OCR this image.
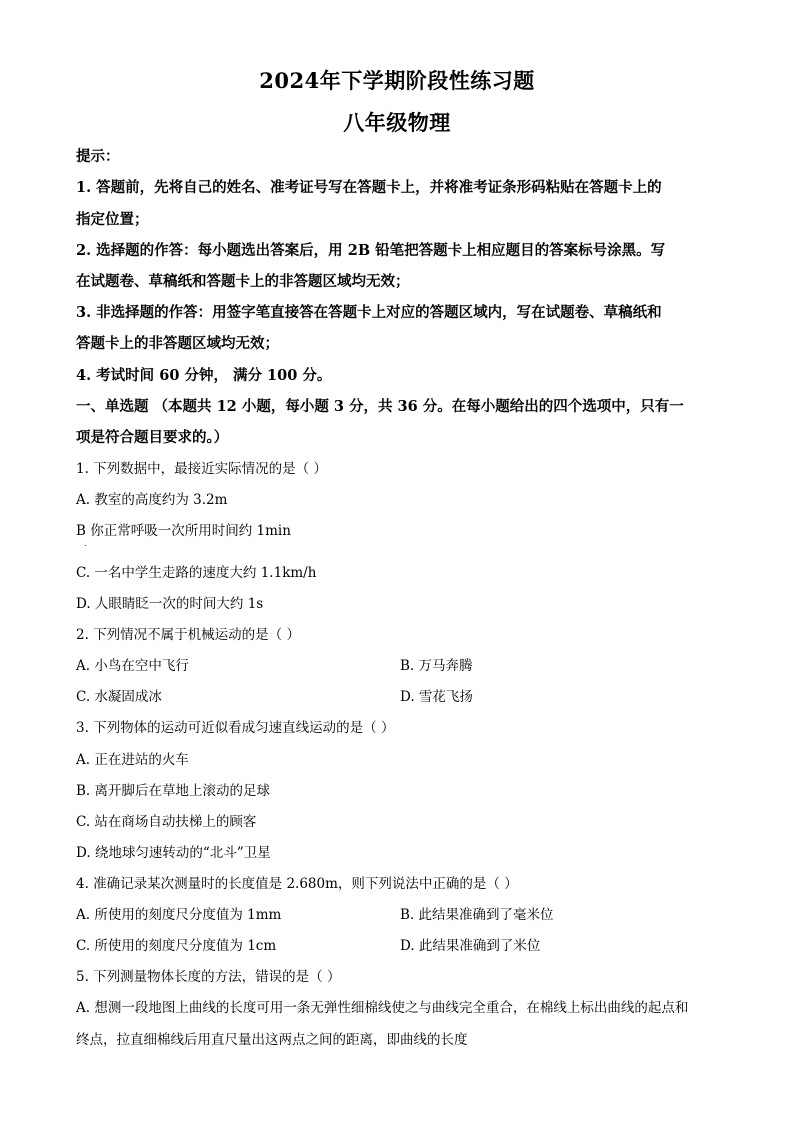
2024年下学期阶段性练习题
八年级物理
提示：
1. 答题前，先将自己的姓名、准考证号写在答题卡上，并将准考证条形码粘贴在答题卡上的
指定位置；
2. 选择题的作答：每小题选出答案后，用 2B 铅笔把答题卡上相应题目的答案标号涂黑。写
在试题卷、草稿纸和答题卡上的非答题区域均无效；
3. 非选择题的作答：用签字笔直接答在答题卡上对应的答题区域内，写在试题卷、草稿纸和
答题卡上的非答题区域均无效；
4. 考试时间 60 分钟， 满分 100 分。
一、单选题 （本题共 12 小题，每小题 3 分，共 36 分。在每小题给出的四个选项中，只有一
项是符合题目要求的。）
1. 下列数据中，最接近实际情况的是（ ）
A. 教室的高度约为 3.2m
B 你正常呼吸一次所用时间约 1min
.
C. 一名中学生走路的速度大约 1.1km/h
D. 人眼睛眨一次的时间大约 1s
2. 下列情况不属于机械运动的是（ ）
A. 小鸟在空中飞行	B. 万马奔腾
C. 水凝固成冰	D. 雪花飞扬
3. 下列物体的运动可近似看成匀速直线运动的是（ ）
A. 正在进站的火车
B. 离开脚后在草地上滚动的足球
C. 站在商场自动扶梯上的顾客
D. 绕地球匀速转动的“北斗”卫星
4. 准确记录某次测量时的长度值是 2.680m，则下列说法中正确的是（ ）
A. 所使用的刻度尺分度值为 1mm	B. 此结果准确到了毫米位
C. 所使用的刻度尺分度值为 1cm	D. 此结果准确到了米位
5. 下列测量物体长度的方法，错误的是（ ）
A. 想测一段地图上曲线的长度可用一条无弹性细棉线使之与曲线完全重合，在棉线上标出曲线的起点和
终点，拉直细棉线后用直尺量出这两点之间的距离，即曲线的长度
